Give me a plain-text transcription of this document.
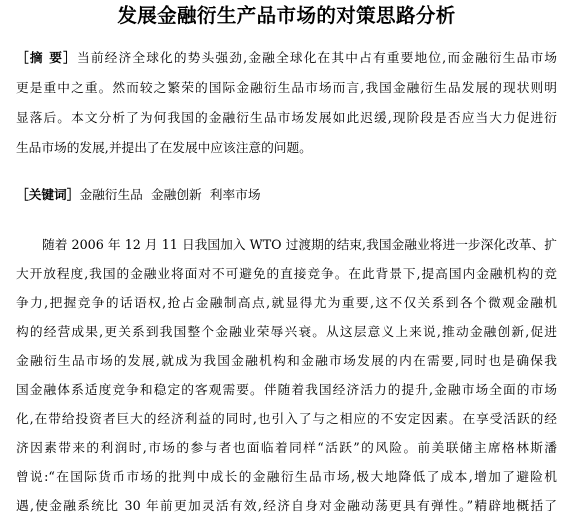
发展金融衍生产品市场的对策思路分析
［摘 要］当前经济全球化的势头强劲,金融全球化在其中占有重要地位,而金融衍生品市场
更是重中之重。然而较之繁荣的国际金融衍生品市场而言,我国金融衍生品发展的现状则明
显落后。本文分析了为何我国的金融衍生品市场发展如此迟缓,现阶段是否应当大力促进衍
生品市场的发展,并提出了在发展中应该注意的问题。
［关键词］金融衍生品  金融创新  利率市场
随着 2006 年 12 月 11 日我国加入 WTO 过渡期的结束,我国金融业将进一步深化改革、扩
大开放程度,我国的金融业将面对不可避免的直接竞争。在此背景下,提高国内金融机构的竞
争力,把握竞争的话语权,抢占金融制高点,就显得尤为重要,这不仅关系到各个微观金融机
构的经营成果,更关系到我国整个金融业荣辱兴衰。从这层意义上来说,推动金融创新,促进
金融衍生品市场的发展,就成为我国金融机构和金融市场发展的内在需要,同时也是确保我
国金融体系适度竞争和稳定的客观需要。伴随着我国经济活力的提升,金融市场全面的市场
化,在带给投资者巨大的经济利益的同时,也引入了与之相应的不安定因素。在享受活跃的经
济因素带来的利润时,市场的参与者也面临着同样“活跃”的风险。前美联储主席格林斯潘
曾说:“在国际货币市场的批判中成长的金融衍生品市场,极大地降低了成本,增加了避险机
遇,使金融系统比 30 年前更加灵活有效,经济自身对金融动荡更具有弹性。”精辟地概括了
